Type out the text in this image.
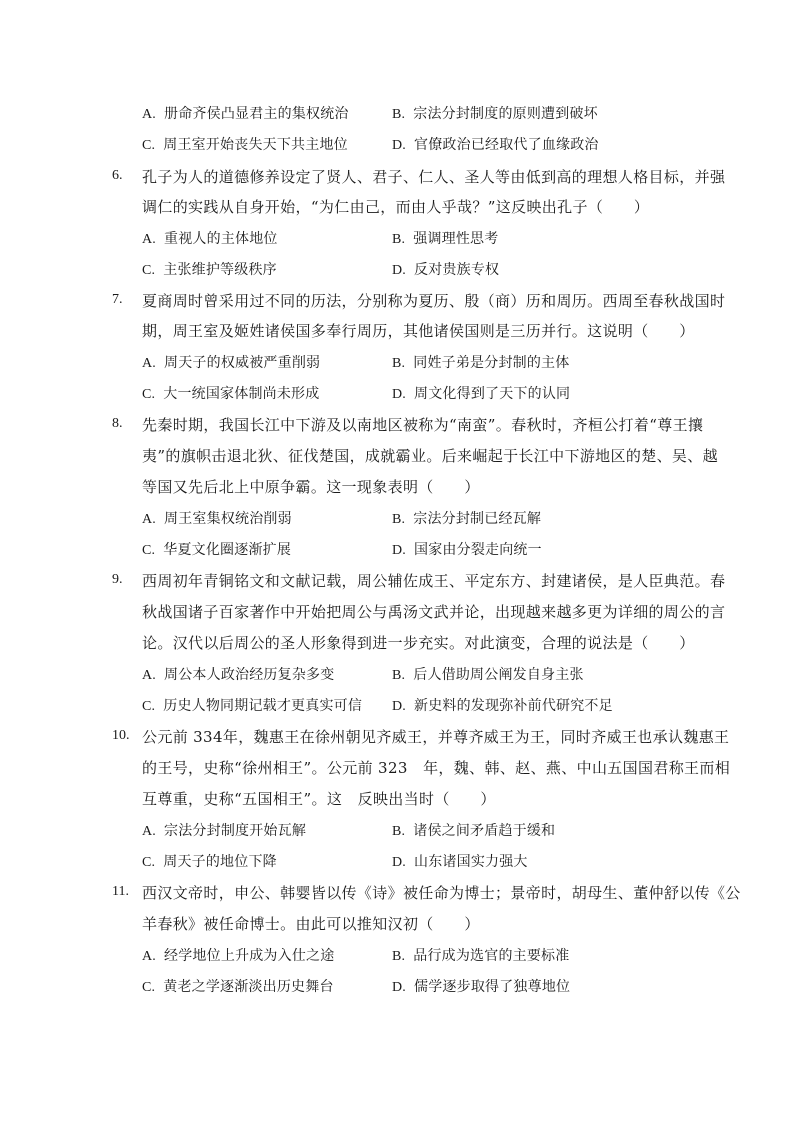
A. 册命齐侯凸显君主的集权统治	B. 宗法分封制度的原则遭到破坏
C. 周王室开始丧失天下共主地位	D. 官僚政治已经取代了血缘政治
6.	孔子为人的道德修养设定了贤人、君子、仁人、圣人等由低到高的理想人格目标，并强
调仁的实践从自身开始，“为仁由己，而由人乎哉？”这反映出孔子（　　）
A. 重视人的主体地位	B. 强调理性思考
C. 主张维护等级秩序	D. 反对贵族专权
7.	夏商周时曾采用过不同的历法，分别称为夏历、殷（商）历和周历。西周至春秋战国时
期，周王室及姬姓诸侯国多奉行周历，其他诸侯国则是三历并行。这说明（　　）
A. 周天子的权威被严重削弱	B. 同姓子弟是分封制的主体
C. 大一统国家体制尚未形成	D. 周文化得到了天下的认同
8.	先秦时期，我国长江中下游及以南地区被称为“南蛮”。春秋时，齐桓公打着“尊王攘
夷”的旗帜击退北狄、征伐楚国，成就霸业。后来崛起于长江中下游地区的楚、吴、越
等国又先后北上中原争霸。这一现象表明（　　）
A. 周王室集权统治削弱	B. 宗法分封制已经瓦解
C. 华夏文化圈逐渐扩展	D. 国家由分裂走向统一
9.	西周初年青铜铭文和文献记载，周公辅佐成王、平定东方、封建诸侯，是人臣典范。春
秋战国诸子百家著作中开始把周公与禹汤文武并论，出现越来越多更为详细的周公的言
论。汉代以后周公的圣人形象得到进一步充实。对此演变，合理的说法是（　　）
A. 周公本人政治经历复杂多变	B. 后人借助周公阐发自身主张
C. 历史人物同期记载才更真实可信 D. 新史料的发现弥补前代研究不足
10. 公元前 334年，魏惠王在徐州朝见齐威王，并尊齐威王为王，同时齐威王也承认魏惠王
的王号，史称“徐州相王”。公元前 323　年，魏、韩、赵、燕、中山五国国君称王而相
互尊重，史称“五国相王”。这　反映出当时（　　）
A. 宗法分封制度开始瓦解	B. 诸侯之间矛盾趋于缓和
C. 周天子的地位下降	D. 山东诸国实力强大
11. 西汉文帝时，申公、韩婴皆以传《诗》被任命为博士；景帝时，胡母生、董仲舒以传《公
羊春秋》被任命博士。由此可以推知汉初（　　）
A. 经学地位上升成为入仕之途	B. 品行成为选官的主要标准
C. 黄老之学逐渐淡出历史舞台	D. 儒学逐步取得了独尊地位
